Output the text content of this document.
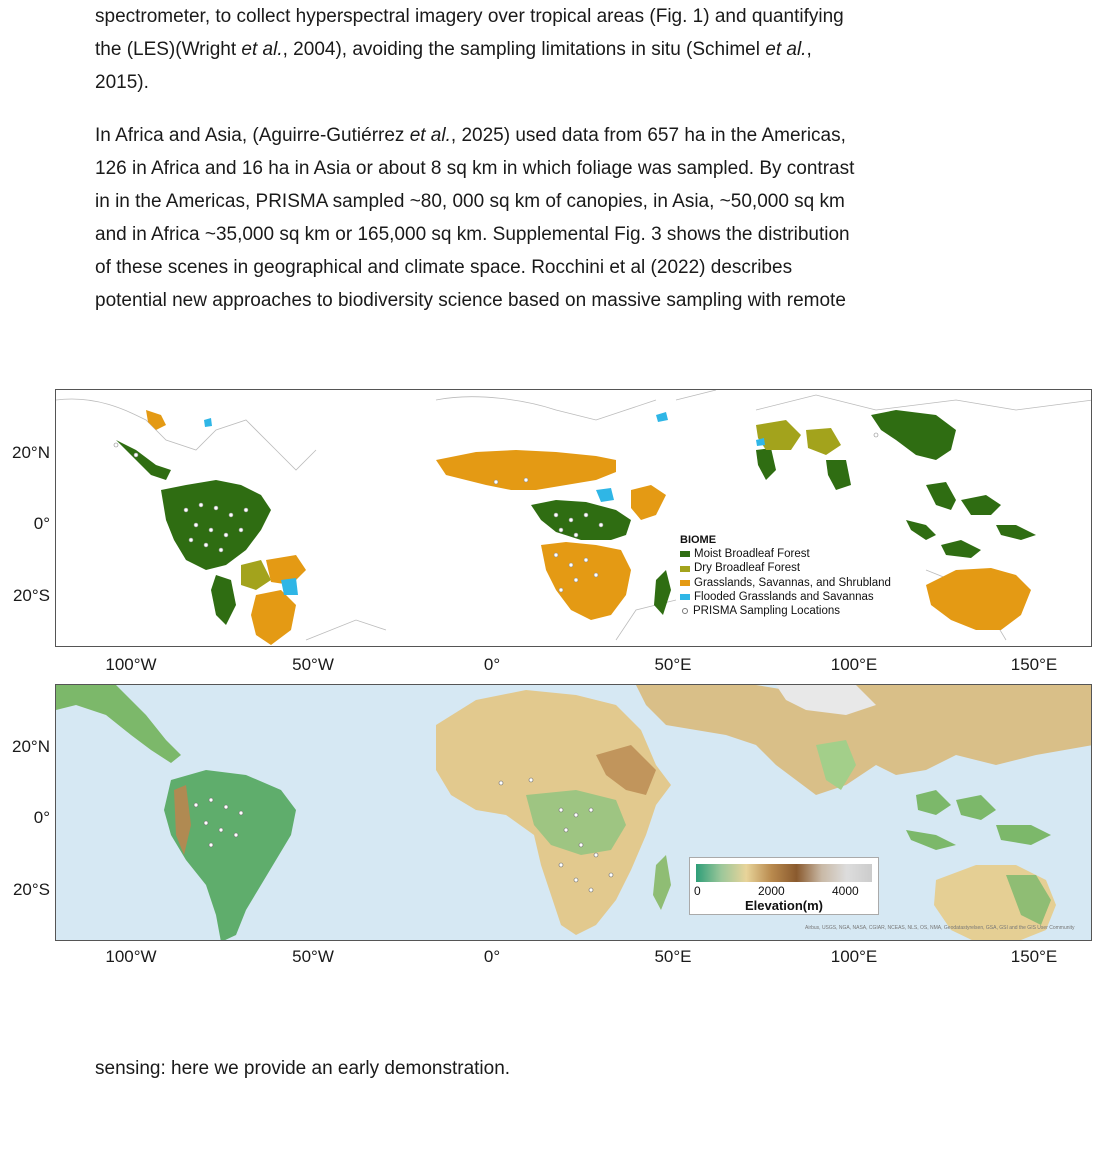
spectrometer, to collect hyperspectral imagery over tropical areas (Fig. 1) and quantifying
the (LES)(Wright et al., 2004), avoiding the sampling limitations in situ (Schimel et al.,
2015).
In Africa and Asia, (Aguirre-Gutiérrez et al., 2025) used data from 657 ha in the Americas,
126 in Africa and 16 ha in Asia or about 8 sq km in which foliage was sampled. By contrast
in in the Americas, PRISMA sampled ~80, 000 sq km of canopies, in Asia, ~50,000 sq km
and in Africa ~35,000 sq km or 165,000 sq km. Supplemental Fig. 3 shows the distribution
of these scenes in geographical and climate space. Rocchini et al (2022) describes
potential new approaches to biodiversity science based on massive sampling with remote
20°N
0°
20°S
100°W	50°W	0°	50°E	100°E	150°E
BIOME
Moist Broadleaf Forest
Dry Broadleaf Forest
Grasslands, Savannas, and Shrubland
Flooded Grasslands and Savannas
PRISMA Sampling Locations
20°N
0°
20°S
100°W	50°W	0°	50°E	100°E	150°E
0	2000	4000
Elevation(m)
Airbus, USGS, NGA, NASA, CGIAR, NCEAS, NLS, OS, NMA, Geodatastyrelsen, GSA, GSI and the GIS User Community
sensing: here we provide an early demonstration.
